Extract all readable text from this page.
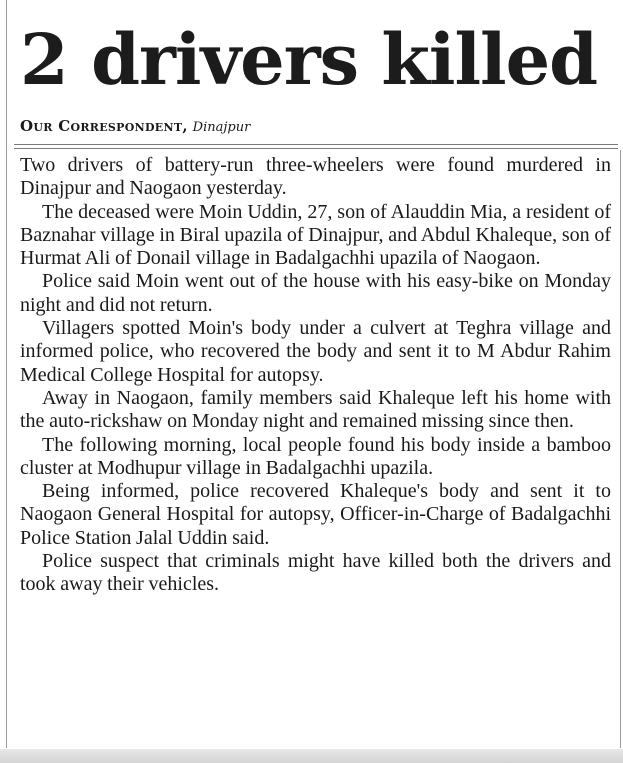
2 drivers killed
Our Correspondent, Dinajpur

Two drivers of battery-run three-wheelers were found murdered in Dinajpur and Naogaon yesterday.

The deceased were Moin Uddin, 27, son of Alauddin Mia, a resident of Baznahar village in Biral upazila of Dinajpur, and Abdul Khaleque, son of Hurmat Ali of Donail village in Badalgachhi upazila of Naogaon.

Police said Moin went out of the house with his easy-bike on Monday night and did not return.

Villagers spotted Moin's body under a culvert at Teghra village and informed police, who recovered the body and sent it to M Abdur Rahim Medical College Hospital for autopsy.

Away in Naogaon, family members said Khaleque left his home with the auto-rickshaw on Monday night and remained missing since then.

The following morning, local people found his body inside a bamboo cluster at Modhupur village in Badalgachhi upazila.

Being informed, police recovered Khaleque's body and sent it to Naogaon General Hospital for autopsy, Officer-in-Charge of Badalgachhi Police Station Jalal Uddin said.

Police suspect that criminals might have killed both the drivers and took away their vehicles.
